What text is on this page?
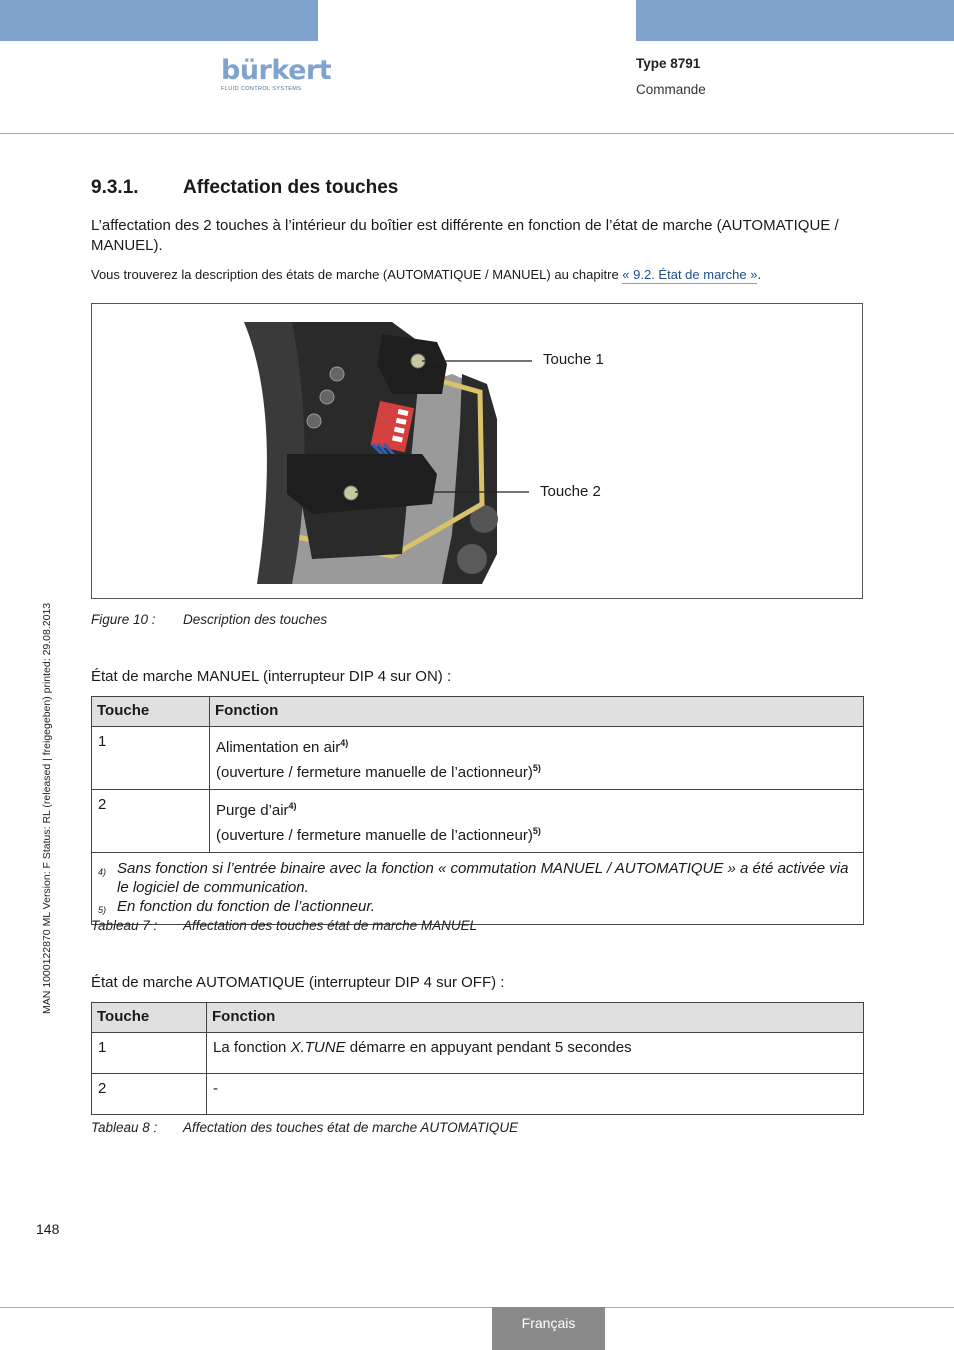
bürkert
FLUID CONTROL SYSTEMS
Type 8791
Commande
MAN 1000122870 ML Version: F Status: RL (released | freigegeben) printed: 29.08.2013
9.3.1. Affectation des touches
L’affectation des 2 touches à l’intérieur du boîtier est différente en fonction de l’état de marche (AUTOMATIQUE / MANUEL).
Vous trouverez la description des états de marche (AUTOMATIQUE / MANUEL) au chapitre « 9.2. État de marche ».
Touche 1
Touche 2
Figure 10 : Description des touches
État de marche MANUEL (interrupteur DIP 4 sur ON) :
Touche	Fonction
1	Alimentation en air$^{4)}$
(ouverture / fermeture manuelle de l’actionneur)$^{5)}$
2	Purge d’air$^{4)}$
(ouverture / fermeture manuelle de l’actionneur)$^{5)}$

4) Sans fonction si l’entrée binaire avec la fonction « commutation MANUEL / AUTOMATIQUE » a été activée via le logiciel de communication.
5) En fonction du fonction de l’actionneur.	
Tableau 7 : Affectation des touches état de marche MANUEL
État de marche AUTOMATIQUE (interrupteur DIP 4 sur OFF) :
Touche	Fonction
1	La fonction X.TUNE démarre en appuyant pendant 5 secondes
2	-
Tableau 8 : Affectation des touches état de marche AUTOMATIQUE
148
Français
